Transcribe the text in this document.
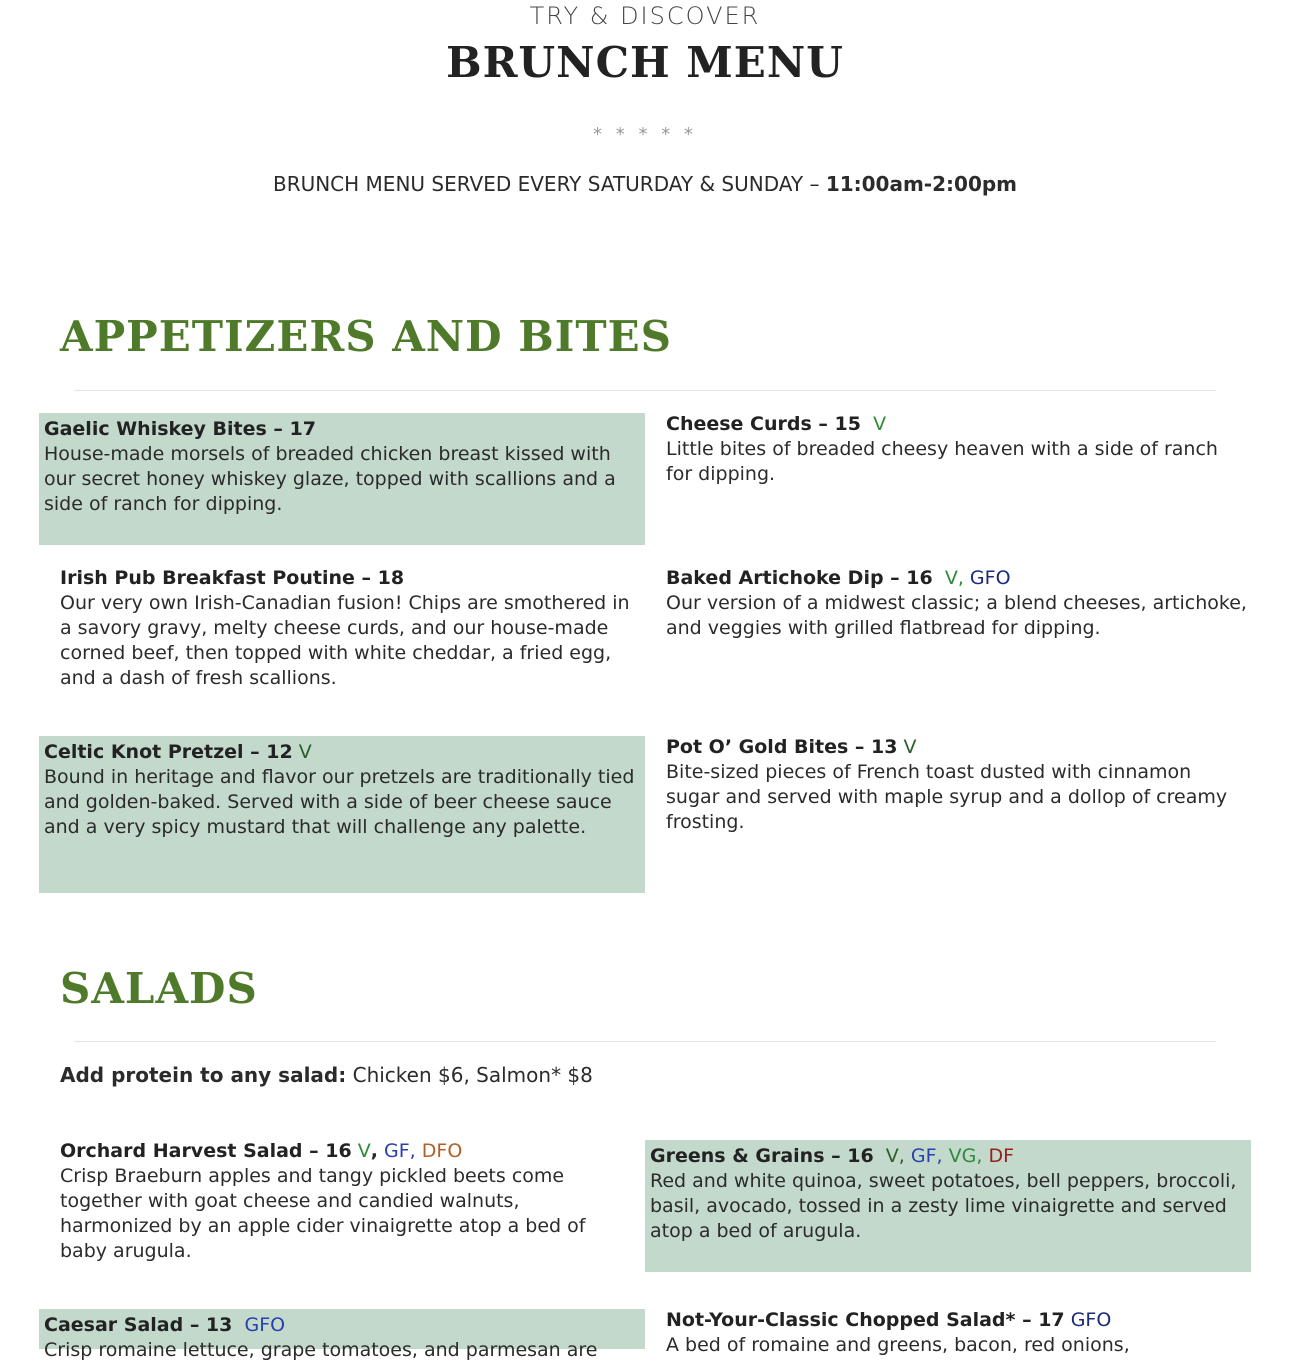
TRY & DISCOVER
BRUNCH MENU
* * * * *
BRUNCH MENU SERVED EVERY SATURDAY & SUNDAY – 11:00am-2:00pm
APPETIZERS AND BITES
Gaelic Whiskey Bites – 17
House-made morsels of breaded chicken breast kissed with our secret honey whiskey glaze, topped with scallions and a side of ranch for dipping.
Cheese Curds – 15 V
Little bites of breaded cheesy heaven with a side of ranch for dipping.
Irish Pub Breakfast Poutine – 18
Our very own Irish-Canadian fusion! Chips are smothered in a savory gravy, melty cheese curds, and our house-made corned beef, then topped with white cheddar, a fried egg, and a dash of fresh scallions.
Baked Artichoke Dip – 16 V, GFO
Our version of a midwest classic; a blend cheeses, artichoke, and veggies with grilled flatbread for dipping.
Celtic Knot Pretzel – 12 V
Bound in heritage and flavor our pretzels are traditionally tied and golden-baked. Served with a side of beer cheese sauce and a very spicy mustard that will challenge any palette.
Pot O’ Gold Bites – 13 V
Bite-sized pieces of French toast dusted with cinnamon sugar and served with maple syrup and a dollop of creamy frosting.
SALADS
Add protein to any salad: Chicken $6, Salmon* $8
Orchard Harvest Salad – 16 V, GF, DFO
Crisp Braeburn apples and tangy pickled beets come together with goat cheese and candied walnuts, harmonized by an apple cider vinaigrette atop a bed of baby arugula.
Greens & Grains – 16 V, GF, VG, DF
Red and white quinoa, sweet potatoes, bell peppers, broccoli, basil, avocado, tossed in a zesty lime vinaigrette and served atop a bed of arugula.
Caesar Salad – 13 GFO
Crisp romaine lettuce, grape tomatoes, and parmesan are
Not-Your-Classic Chopped Salad* – 17 GFO
A bed of romaine and greens, bacon, red onions,
